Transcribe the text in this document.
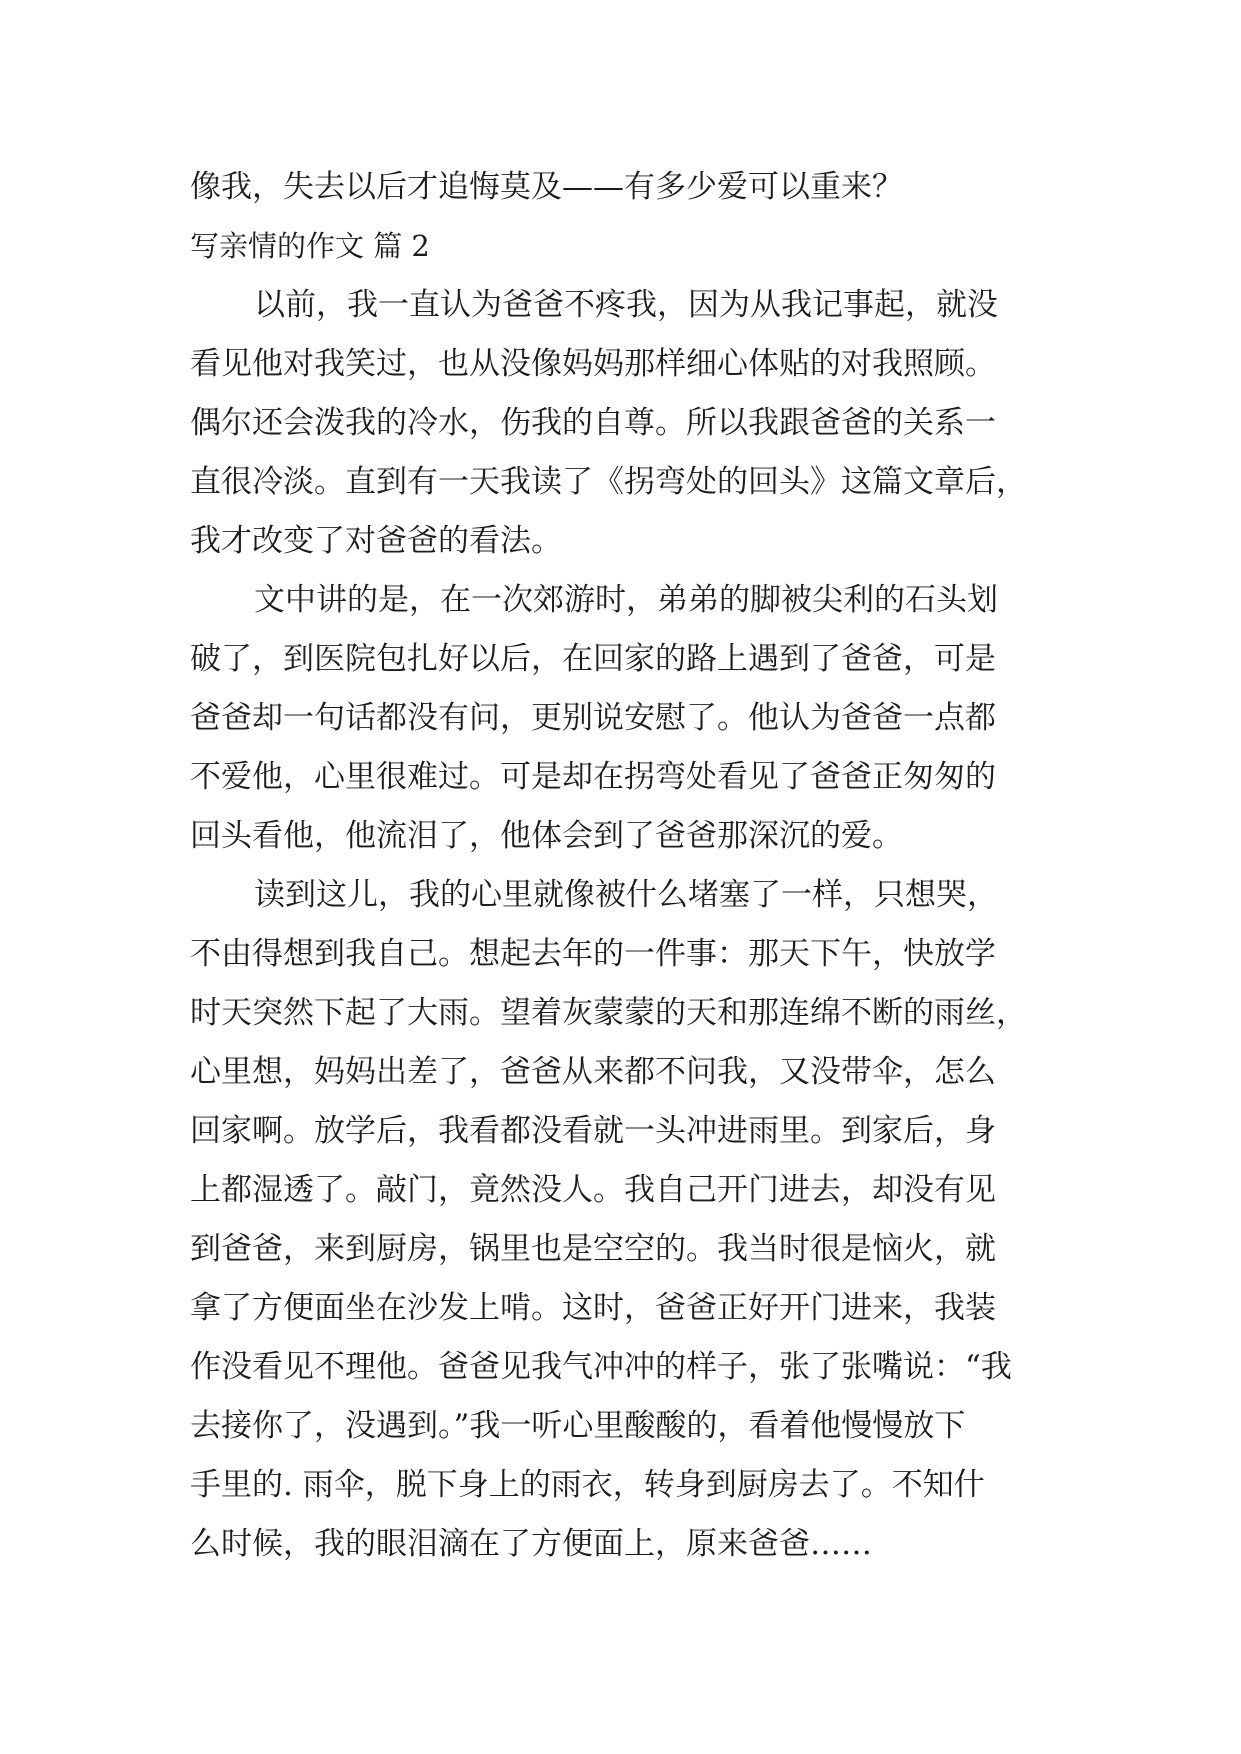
像我，失去以后才追悔莫及——有多少爱可以重来？
写亲情的作文 篇 2
以前，我一直认为爸爸不疼我，因为从我记事起，就没
看见他对我笑过，也从没像妈妈那样细心体贴的对我照顾。
偶尔还会泼我的冷水，伤我的自尊。所以我跟爸爸的关系一
直很冷淡。直到有一天我读了《拐弯处的回头》这篇文章后，
我才改变了对爸爸的看法。
文中讲的是，在一次郊游时，弟弟的脚被尖利的石头划
破了，到医院包扎好以后，在回家的路上遇到了爸爸，可是
爸爸却一句话都没有问，更别说安慰了。他认为爸爸一点都
不爱他，心里很难过。可是却在拐弯处看见了爸爸正匆匆的
回头看他，他流泪了，他体会到了爸爸那深沉的爱。
读到这儿，我的心里就像被什么堵塞了一样，只想哭，
不由得想到我自己。想起去年的一件事：那天下午，快放学
时天突然下起了大雨。望着灰蒙蒙的天和那连绵不断的雨丝，
心里想，妈妈出差了，爸爸从来都不问我，又没带伞，怎么
回家啊。放学后，我看都没看就一头冲进雨里。到家后，身
上都湿透了。敲门，竟然没人。我自己开门进去，却没有见
到爸爸，来到厨房，锅里也是空空的。我当时很是恼火，就
拿了方便面坐在沙发上啃。这时，爸爸正好开门进来，我装
作没看见不理他。爸爸见我气冲冲的样子，张了张嘴说：“我
去接你了，没遇到。”我一听心里酸酸的，看着他慢慢放下
手里的. 雨伞，脱下身上的雨衣，转身到厨房去了。不知什
么时候，我的眼泪滴在了方便面上，原来爸爸……
